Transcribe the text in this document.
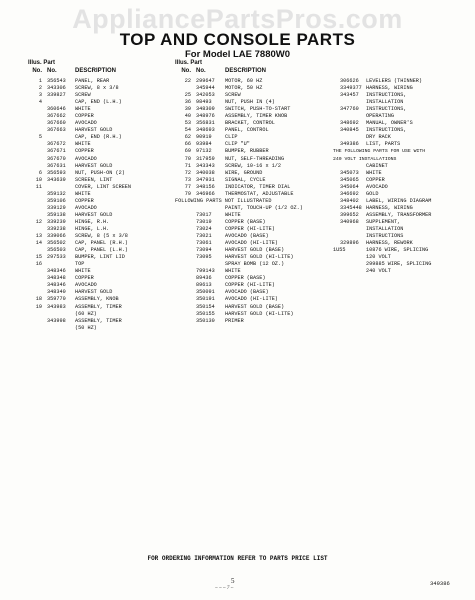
AppliancePartsPros.com
TOP AND CONSOLE PARTS
For Model LAE 7880W0
Illus. Part
No. No.	DESCRIPTION
1 356543	PANEL, REAR
2 343306	SCREW, 8 x 3/8
3 339827	SCREW
4	CAP, END (L.H.)
360646	WHITE
367662	COPPER
367660	AVOCADO
367663	HARVEST GOLD
5	CAP, END (R.H.)
367672	WHITE
367671	COPPER
367670	AVOCADO
367631	HARVEST GOLD
6 356593	NUT, PUSH-ON (2)
10 343639	SCREEN, LINT
11	COVER, LINT SCREEN
359132	WHITE
359106	COPPER
339129	AVOCADO
359138	HARVEST GOLD
12 339239	HINGE, R.H.
339238	HINGE, L.H.
13 339066	SCREW, 8 (5 x 3/8
14 356502	CAP, PANEL (R.H.)
356503	CAP, PANEL (L.H.)
15 297533	BUMPER, LINT LID
16	TOP
348346	WHITE
348348	COPPER
348346	AVOCADO
348340	HARVEST GOLD
18 359770	ASSEMBLY, KNOB
19 343983	ASSEMBLY, TIMER
(60 HZ)
343998	ASSEMBLY, TIMER
(50 HZ)
Illus. Part
No. No.	DESCRIPTION
22 299647	MOTOR, 60 HZ
345944	MOTOR, 50 HZ
25 342053	SCREW
36 98493	NUT, PUSH IN (4)
39 348309	SWITCH, PUSH-TO-START
40 348976	ASSEMBLY, TIMER KNOB
53 356831	BRACKET, CONTROL
54 348693	PANEL, CONTROL
62 90919	CLIP
66 93984	CLIP "U"
69 97132	BUMPER, RUBBER
70 317959	NUT, SELF-THREADING
71 343343	SCREW, 10-16 x 1/2
72 340038	WIRE, GROUND
73 347931	SIGNAL, CYCLE
77 348156	INDICATOR, TIMER DIAL
79 346966	THERMOSTAT, ADJUSTABLE
FOLLOWING PARTS NOT ILLUSTRATED
PAINT, TOUCH-UP (1/2 OZ.)
73017	WHITE
73019	COPPER (BASE)
73024	COPPER (HI-LITE)
73021	AVOCADO (BASE)
73061	AVOCADO (HI-LITE)
73094	HARVEST GOLD (BASE)
73095	HARVEST GOLD (HI-LITE)
SPRAY BOMB (12 OZ.)
799143	WHITE
89436	COPPER (BASE)
89613	COPPER (HI-LITE)
350091	AVOCADO (BASE)
350191	AVOCADO (HI-LITE)
350154	HARVEST GOLD (BASE)
350155	HARVEST GOLD (HI-LITE)
350130	PRIMER

306626	LEVELERS (THINNER)
3349377 HARNESS, WIRING
343457	INSTRUCTIONS,
INSTALLATION
347760	INSTRUCTIONS,
OPERATING
348692	MANUAL, OWNER'S
340845	INSTRUCTIONS,
DRY RACK
349386	LIST, PARTS
THE FOLLOWING PARTS FOR USE WITH
240 VOLT INSTALLATIONS
CABINET
345073	WHITE
345065	COPPER
345064	AVOCADO
346692	GOLD
348402	LABEL, WIRING DIAGRAM
3345448 HARNESS, WIRING
399652	ASSEMBLY, TRANSFORMER
340968	SUPPLEMENT,
INSTALLATION
INSTRUCTIONS
329896	HARNESS, REWORK
1U55	10876 WIRE, SPLICING
120 VOLT
299885 WIRE, SPLICING
240 VOLT
FOR ORDERING INFORMATION REFER TO PARTS PRICE LIST
5
~ ~ ~ 7 ~
349386
